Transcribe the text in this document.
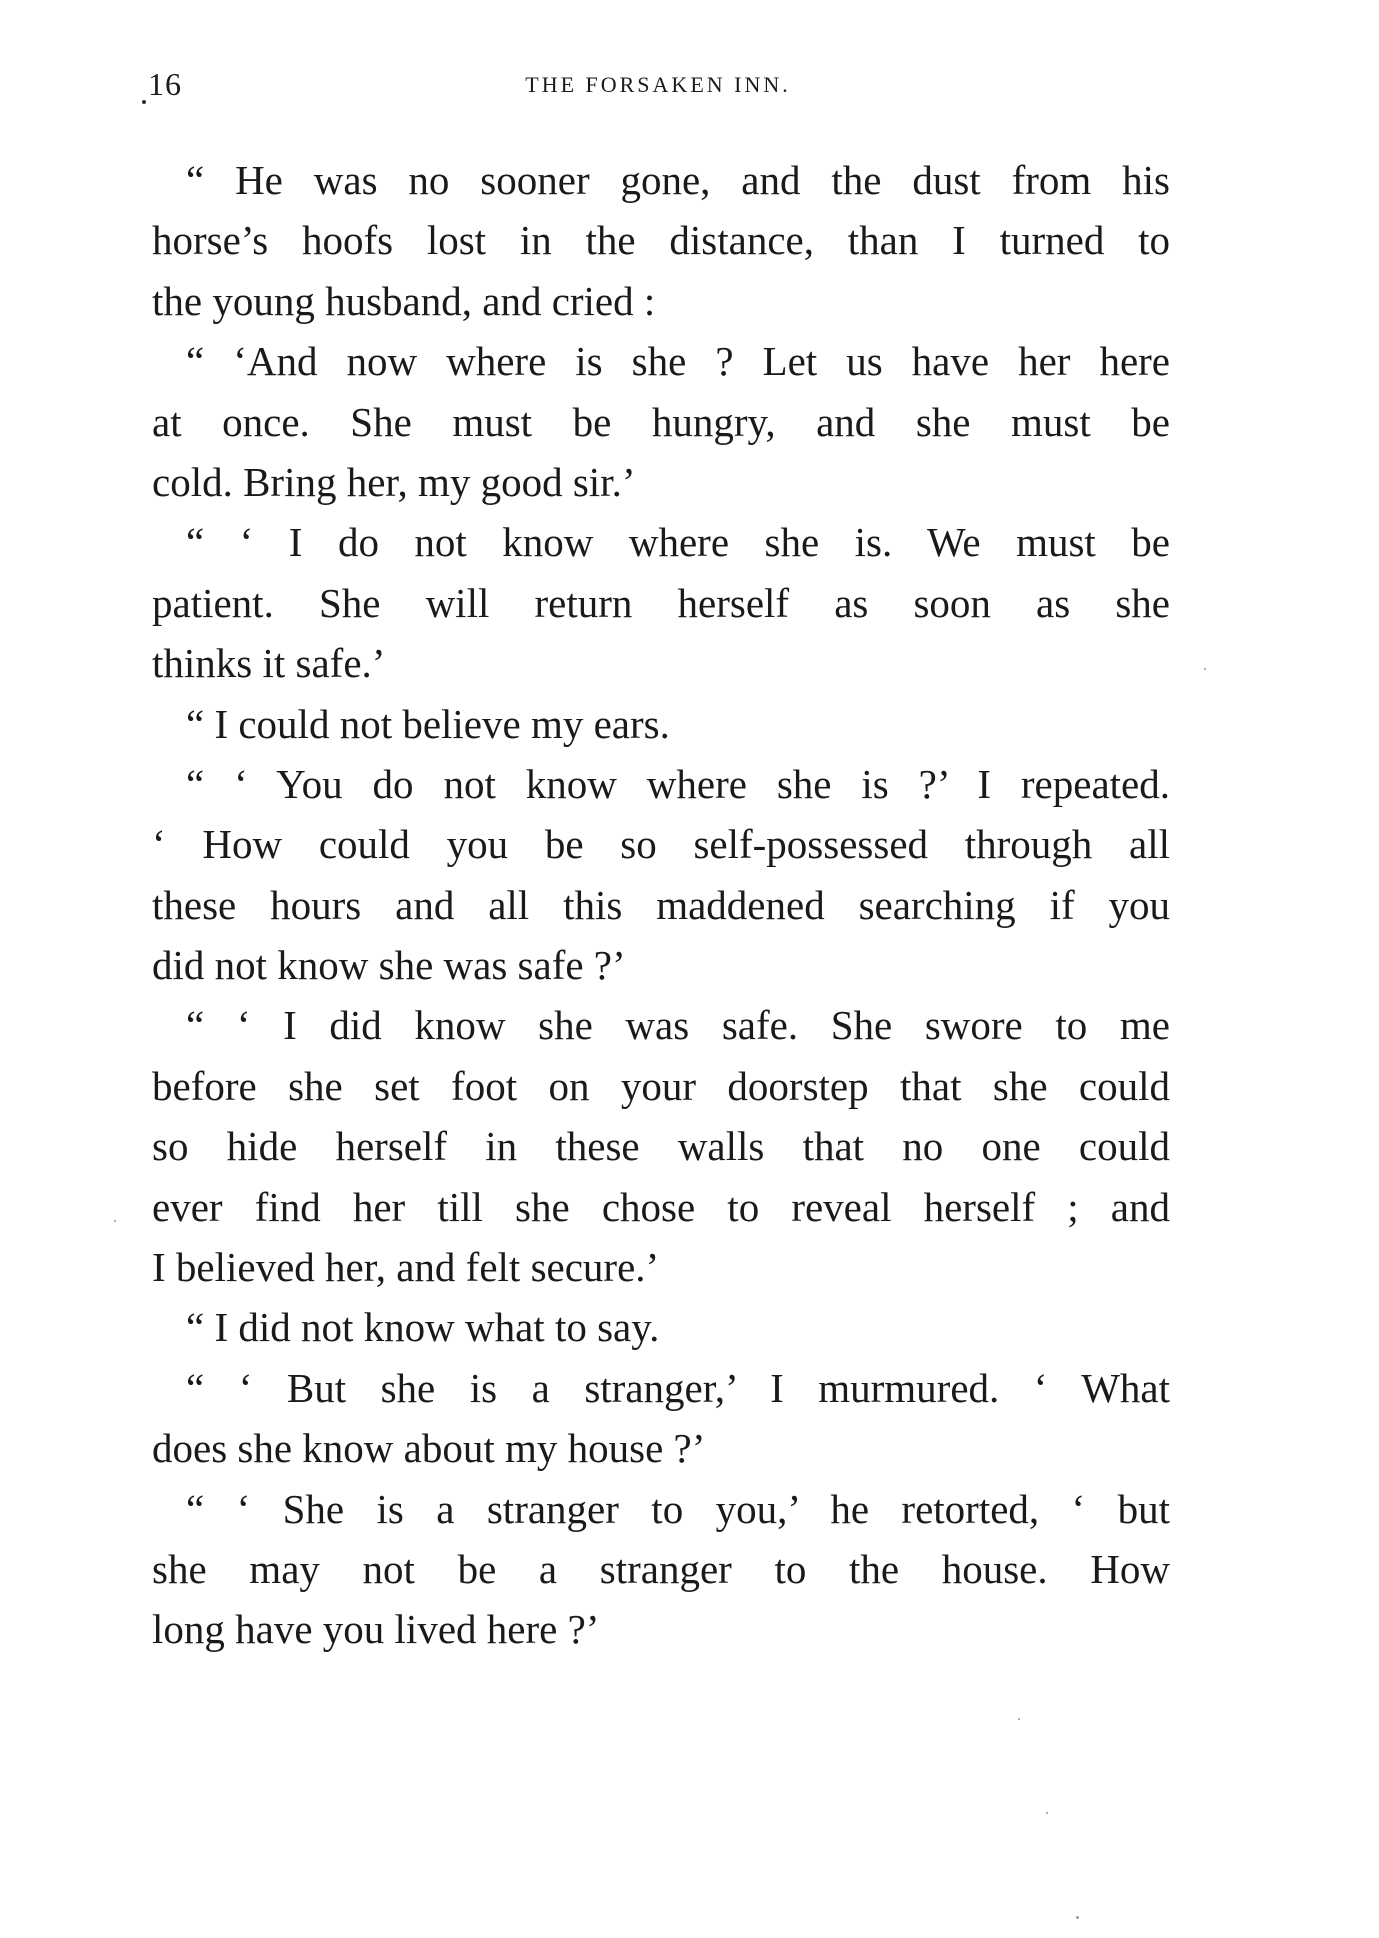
16	THE FORSAKEN INN.
“ He was no sooner gone, and the dust from his
horse’s hoofs lost in the distance, than I turned to
the young husband, and cried :
“ ‘And now where is she ? Let us have her here
at once. She must be hungry, and she must be
cold. Bring her, my good sir.’
“ ‘ I do not know where she is. We must be
patient. She will return herself as soon as she
thinks it safe.’
“ I could not believe my ears.
“ ‘ You do not know where she is ?’ I repeated.
‘ How could you be so self-possessed through all
these hours and all this maddened searching if you
did not know she was safe ?’
“ ‘ I did know she was safe. She swore to me
before she set foot on your doorstep that she could
so hide herself in these walls that no one could
ever find her till she chose to reveal herself ; and
I believed her, and felt secure.’
“ I did not know what to say.
“ ‘ But she is a stranger,’ I murmured. ‘ What
does she know about my house ?’
“ ‘ She is a stranger to you,’ he retorted, ‘ but
she may not be a stranger to the house. How
long have you lived here ?’
